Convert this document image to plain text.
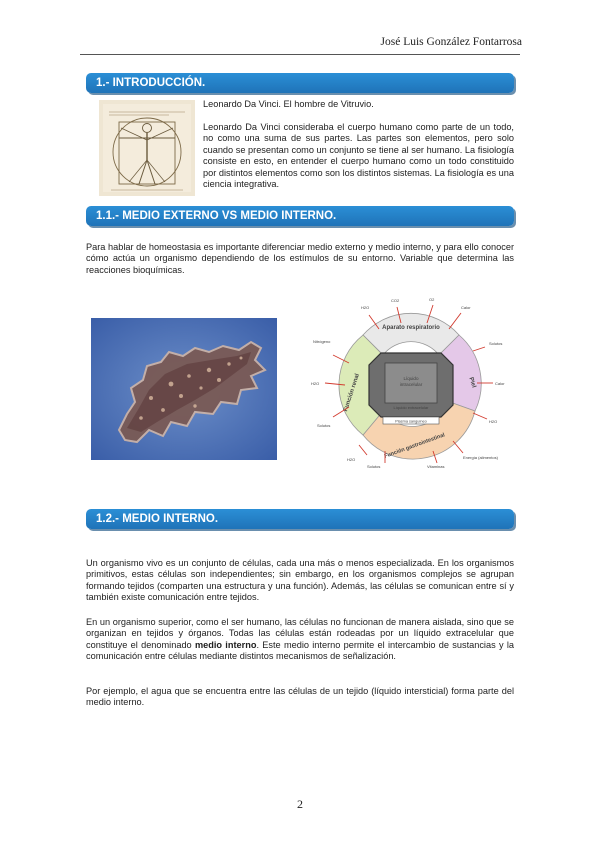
José Luis González Fontarrosa
1.- INTRODUCCIÓN.
Leonardo Da Vinci. El hombre de Vitruvio.
Leonardo Da Vinci consideraba el cuerpo humano como parte de un todo, no como una suma de sus partes. Las partes son elementos, pero solo cuando se presentan como un conjunto se tiene al ser humano. La fisiología consiste en esto, en entender el cuerpo humano como un todo constituido por distintos elementos como son los distintos sistemas. La fisiología es una ciencia integrativa.
1.1.- MEDIO EXTERNO VS MEDIO INTERNO.
Para hablar de homeostasia es importante diferenciar medio externo y medio interno, y para ello conocer cómo actúa un organismo dependiendo de los estímulos de su entorno. Variable que determina las reacciones bioquímicas.
Líquido
intracelular
Líquido extracelular
Plasma sanguíneo
Aparato respiratorio
Función renal	Piel
Función gastrointestinal
H2O
CO2	O2
Calor
Nitrógeno	Solutos
H2O	Calor
Solutos
H2O
H2O	Energía (alimentos)
Solutos	Vitaminas
1.2.- MEDIO INTERNO.
Un organismo vivo es un conjunto de células, cada una más o menos especializada. En los organismos primitivos, estas células son independientes; sin embargo, en los organismos complejos se agrupan formando tejidos (comparten una estructura y una función). Además, las células se comunican entre sí y también existe comunicación entre tejidos.
En un organismo superior, como el ser humano, las células no funcionan de manera aislada, sino que se organizan en tejidos y órganos. Todas las células están rodeadas por un líquido extracelular que constituye el denominado medio interno. Este medio interno permite el intercambio de sustancias y la comunicación entre células mediante distintos mecanismos de señalización.
Por ejemplo, el agua que se encuentra entre las células de un tejido (líquido intersticial) forma parte del medio interno.
2
